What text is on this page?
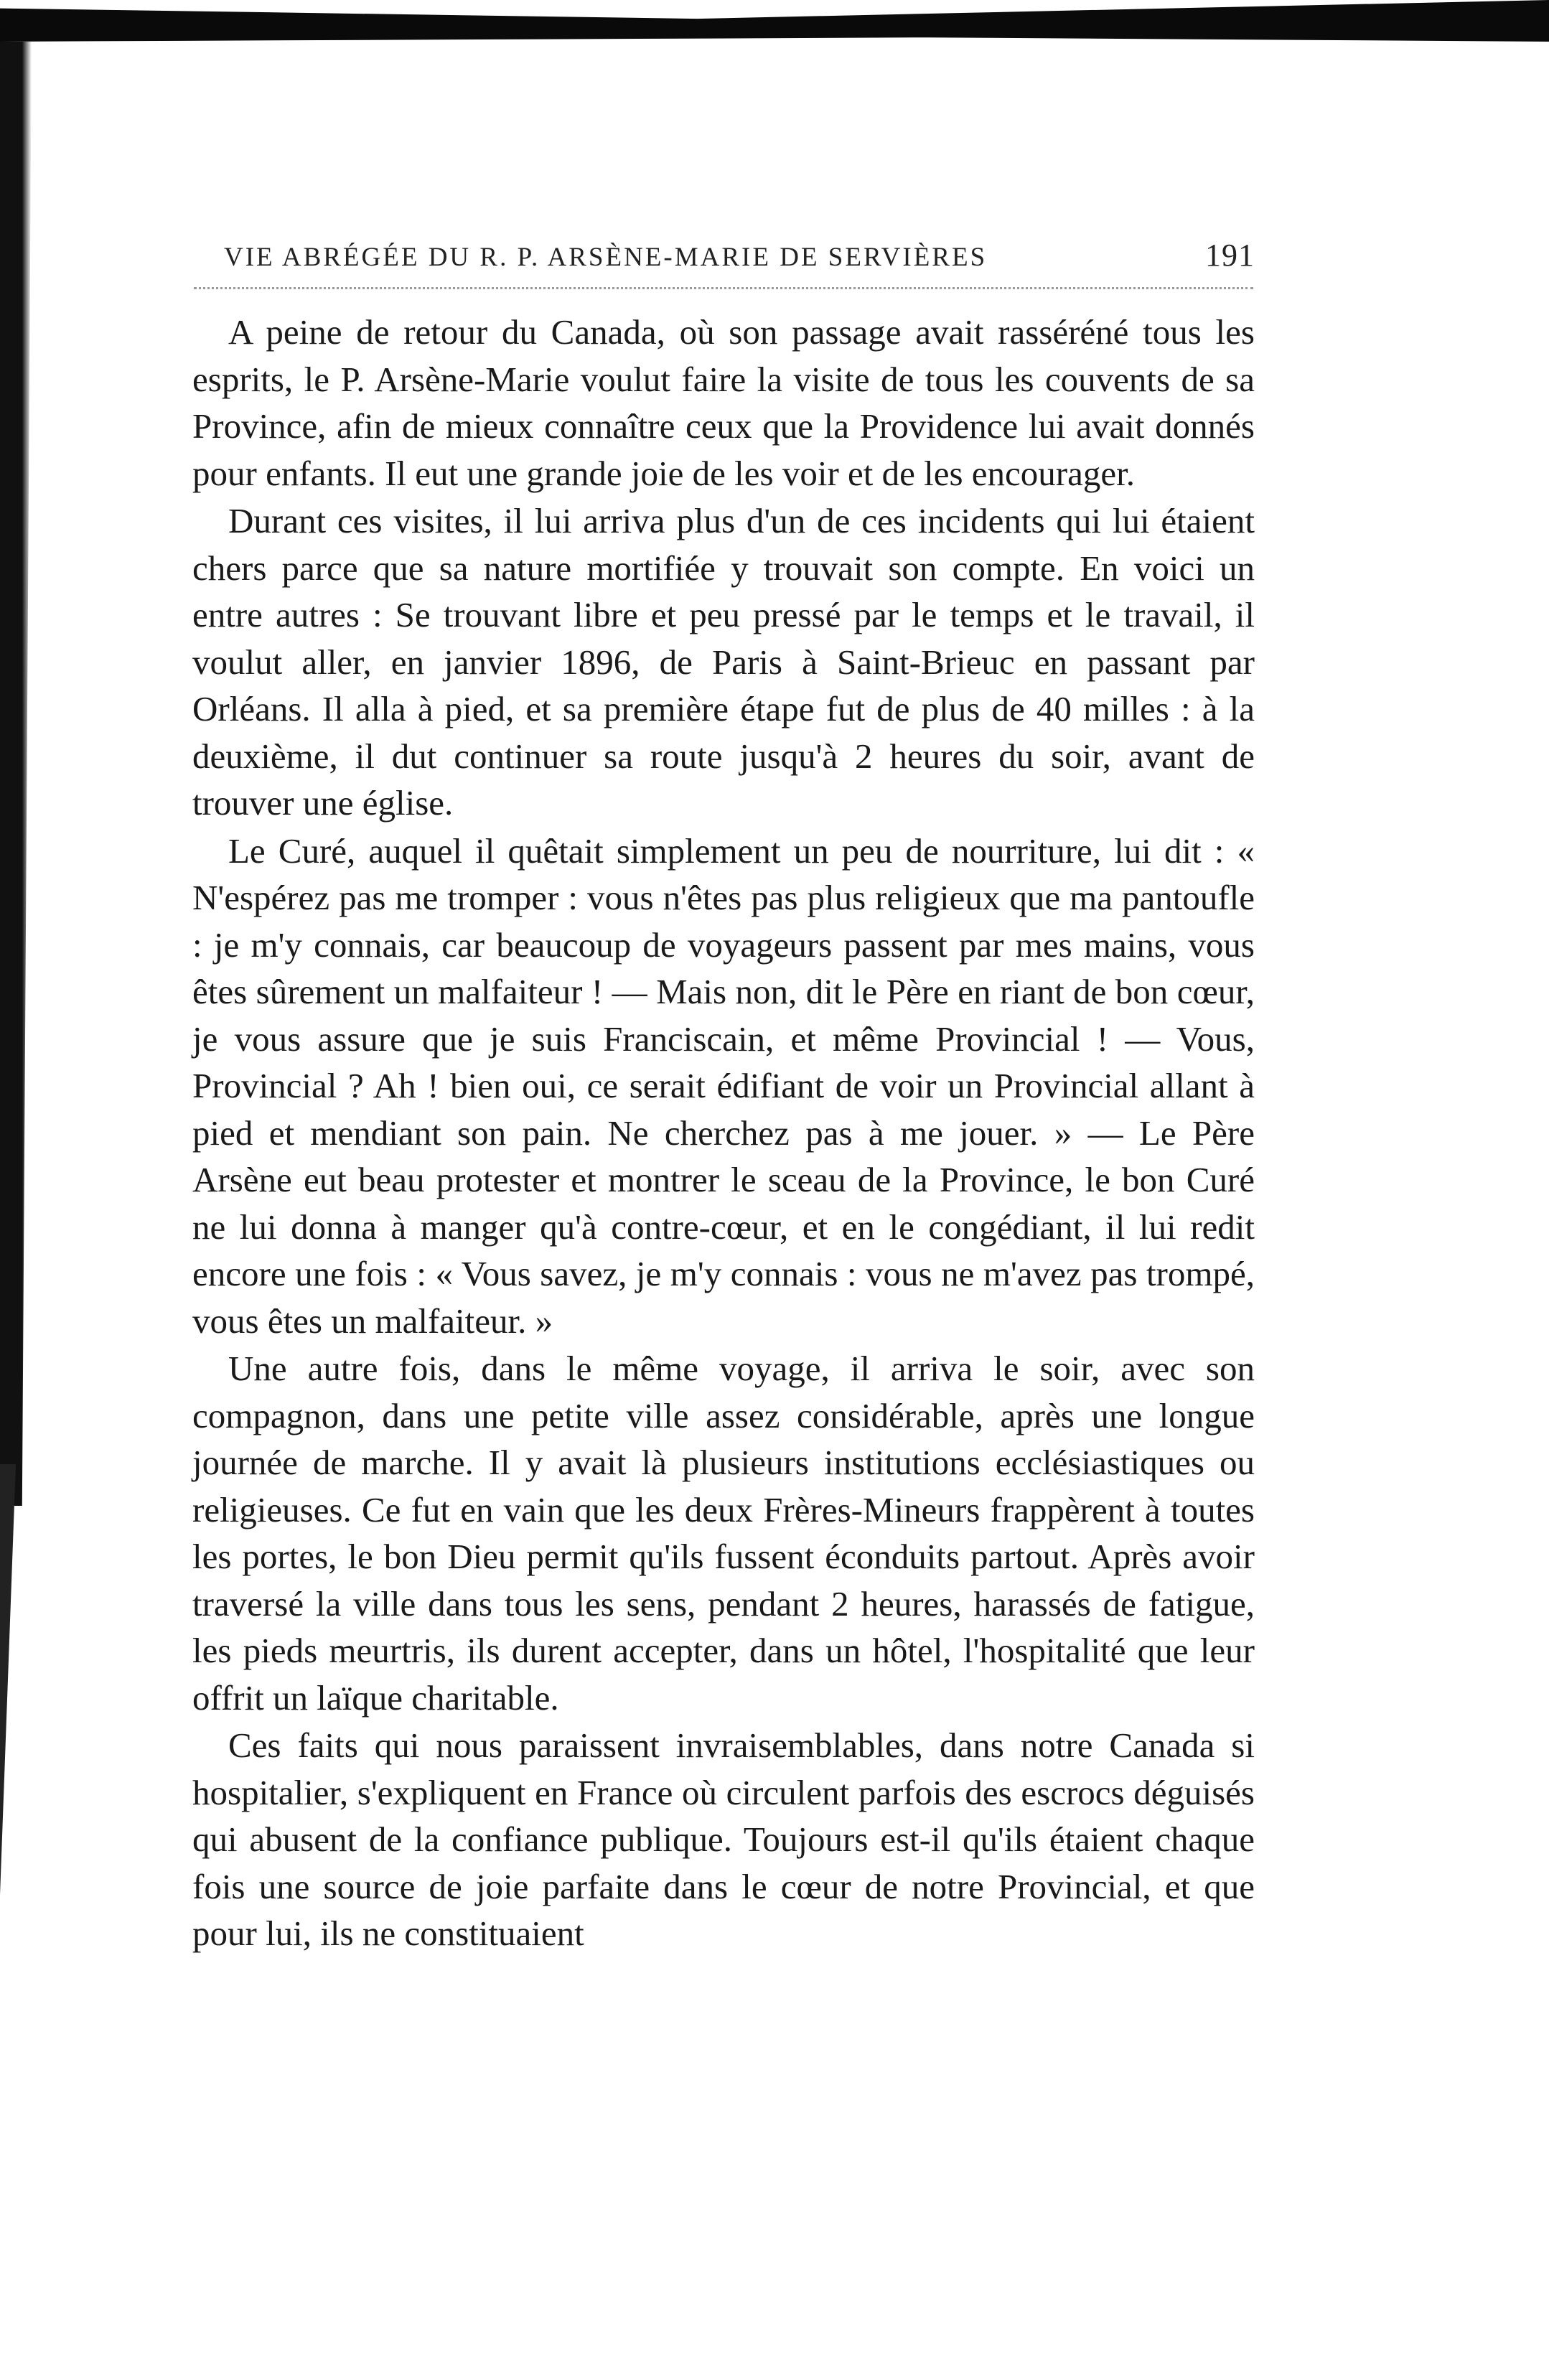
VIE ABRÉGÉE DU R. P. ARSÈNE-MARIE DE SERVIÈRES	191

A peine de retour du Canada, où son passage avait rasséréné tous les esprits, le P. Arsène-Marie voulut faire la visite de tous les couvents de sa Province, afin de mieux connaître ceux que la Providence lui avait donnés pour enfants. Il eut une grande joie de les voir et de les encourager.

Durant ces visites, il lui arriva plus d'un de ces incidents qui lui étaient chers parce que sa nature mortifiée y trouvait son compte. En voici un entre autres : Se trouvant libre et peu pressé par le temps et le travail, il voulut aller, en janvier 1896, de Paris à Saint-Brieuc en passant par Orléans. Il alla à pied, et sa première étape fut de plus de 40 milles : à la deuxième, il dut continuer sa route jusqu'à 2 heures du soir, avant de trouver une église.

Le Curé, auquel il quêtait simplement un peu de nourriture, lui dit : « N'espérez pas me tromper : vous n'êtes pas plus religieux que ma pantoufle : je m'y connais, car beaucoup de voyageurs passent par mes mains, vous êtes sûrement un malfaiteur ! — Mais non, dit le Père en riant de bon cœur, je vous assure que je suis Franciscain, et même Provincial ! — Vous, Provincial ? Ah ! bien oui, ce serait édifiant de voir un Provincial allant à pied et mendiant son pain. Ne cherchez pas à me jouer. » — Le Père Arsène eut beau protester et montrer le sceau de la Province, le bon Curé ne lui donna à manger qu'à contre-cœur, et en le congédiant, il lui redit encore une fois : « Vous savez, je m'y connais : vous ne m'avez pas trompé, vous êtes un malfaiteur. »

Une autre fois, dans le même voyage, il arriva le soir, avec son compagnon, dans une petite ville assez considérable, après une longue journée de marche. Il y avait là plusieurs institutions ecclésiastiques ou religieuses. Ce fut en vain que les deux Frères-Mineurs frappèrent à toutes les portes, le bon Dieu permit qu'ils fussent éconduits partout. Après avoir traversé la ville dans tous les sens, pendant 2 heures, harassés de fatigue, les pieds meurtris, ils durent accepter, dans un hôtel, l'hospitalité que leur offrit un laïque charitable.

Ces faits qui nous paraissent invraisemblables, dans notre Canada si hospitalier, s'expliquent en France où circulent parfois des escrocs déguisés qui abusent de la confiance publique. Toujours est-il qu'ils étaient chaque fois une source de joie parfaite dans le cœur de notre Provincial, et que pour lui, ils ne constituaient
